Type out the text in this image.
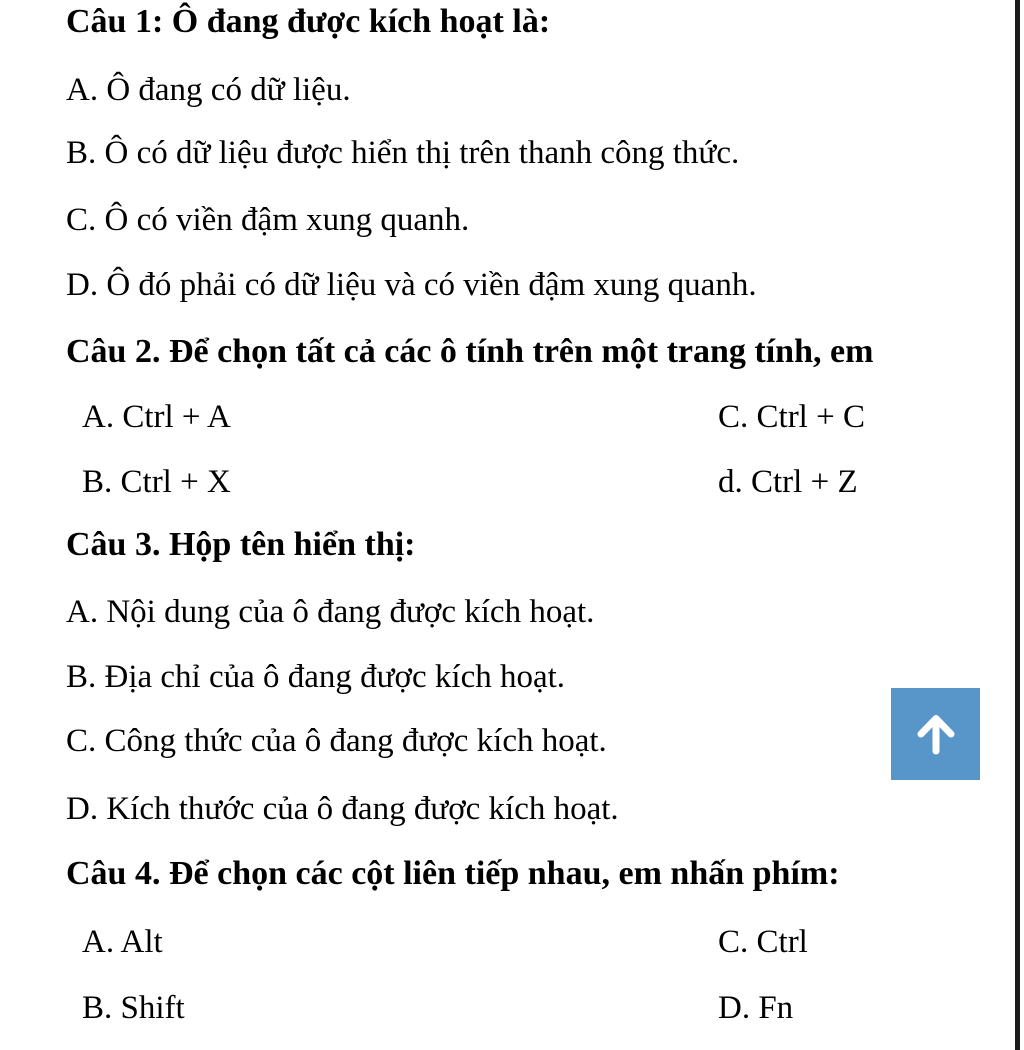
Câu 1: Ô đang được kích hoạt là:
A. Ô đang có dữ liệu.
B. Ô có dữ liệu được hiển thị trên thanh công thức.
C. Ô có viền đậm xung quanh.
D. Ô đó phải có dữ liệu và có viền đậm xung quanh.
Câu 2. Để chọn tất cả các ô tính trên một trang tính, em
A. Ctrl + A	C. Ctrl + C
B. Ctrl + X	d. Ctrl + Z
Câu 3. Hộp tên hiển thị:
A. Nội dung của ô đang được kích hoạt.
B. Địa chỉ của ô đang được kích hoạt.
C. Công thức của ô đang được kích hoạt.
D. Kích thước của ô đang được kích hoạt.
Câu 4. Để chọn các cột liên tiếp nhau, em nhấn phím:
A. Alt	C. Ctrl
B. Shift	D. Fn
